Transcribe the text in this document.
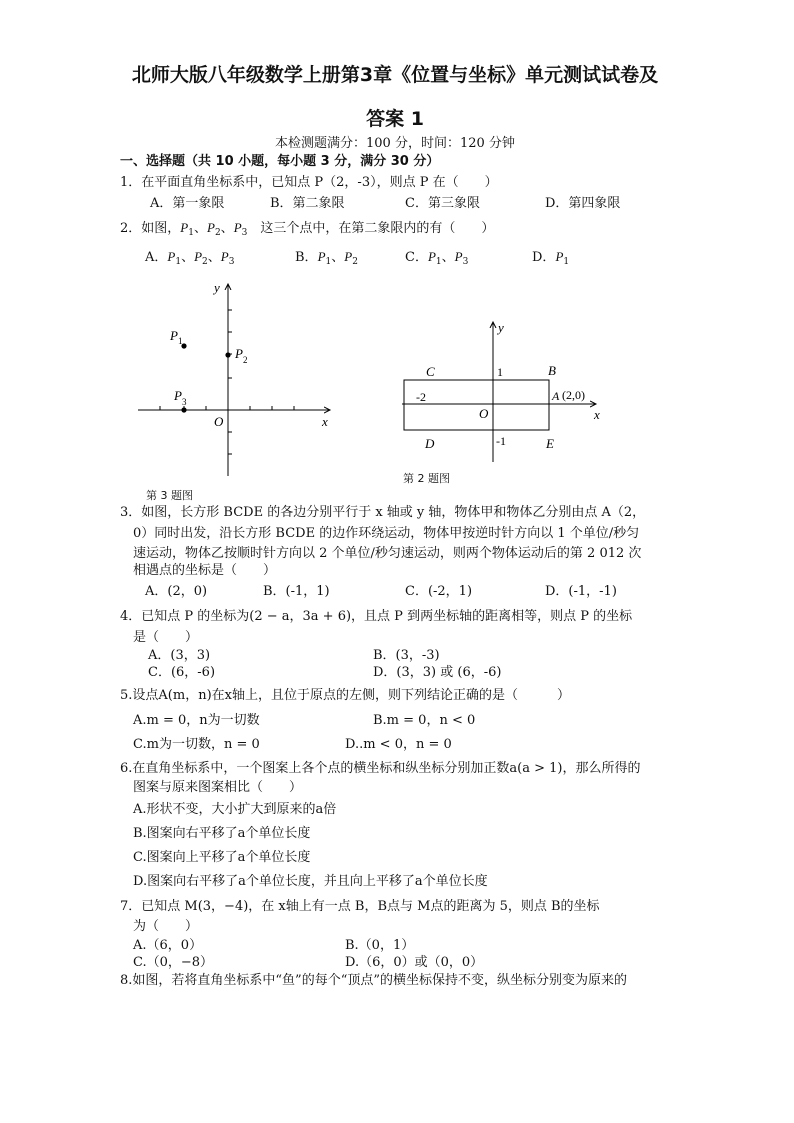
北师大版八年级数学上册第3章《位置与坐标》单元测试试卷及
答案 1
本检测题满分：100 分，时间：120 分钟
一、选择题（共 10 小题，每小题 3 分，满分 30 分）
1．在平面直角坐标系中，已知点 P（2，-3），则点 P 在（　　）
A．第一象限	B．第二象限	C．第三象限	D．第四象限
2．如图，$P_1$、$P_2$、$P_3$　 这三个点中，在第二象限内的有（　　）
A．$P_1$、$P_2$、$P_3$	B．$P_1$、$P_2$	C．$P_1$、$P_3$	D．$P_1$
P 1
P 2
P 3
O	x
y
第 3 题图
C	B
D	E
A (2,0)
-2
1
-1
O	x
y
第 2 题图
3．如图，长方形 BCDE 的各边分别平行于 x 轴或 y 轴，物体甲和物体乙分别由点 A（2，
0）同时出发，沿长方形 BCDE 的边作环绕运动，物体甲按逆时针方向以 1 个单位/秒匀
速运动，物体乙按顺时针方向以 2 个单位/秒匀速运动，则两个物体运动后的第 2 012 次
相遇点的坐标是（　　）
A．(2，0)	B．(-1，1)	C．(-2，1)	D．(-1，-1)
4．已知点 P 的坐标为(2 − a，3a + 6)，且点 P 到两坐标轴的距离相等，则点 P 的坐标
是（　　）
A．(3，3)	B．(3，-3)
C．(6，-6)	D．(3，3) 或 (6，-6)
5.设点A(m，n)在x轴上，且位于原点的左侧，则下列结论正确的是（　　　）
A.m = 0，n为一切数	B.m = 0，n < 0
C.m为一切数，n = 0	D..m < 0，n = 0
6.在直角坐标系中，一个图案上各个点的横坐标和纵坐标分别加正数a(a > 1)，那么所得的
图案与原来图案相比（　　）
A.形状不变，大小扩大到原来的a倍
B.图案向右平移了a个单位长度
C.图案向上平移了a个单位长度
D.图案向右平移了a个单位长度，并且向上平移了a个单位长度
7．已知点 M(3，−4)，在 x轴上有一点 B，B点与 M点的距离为 5，则点 B的坐标
为（　　）
A.（6，0）	B.（0，1）
C.（0，−8）	D.（6，0）或（0，0）
8.如图，若将直角坐标系中“鱼”的每个“顶点”的横坐标保持不变，纵坐标分别变为原来的
